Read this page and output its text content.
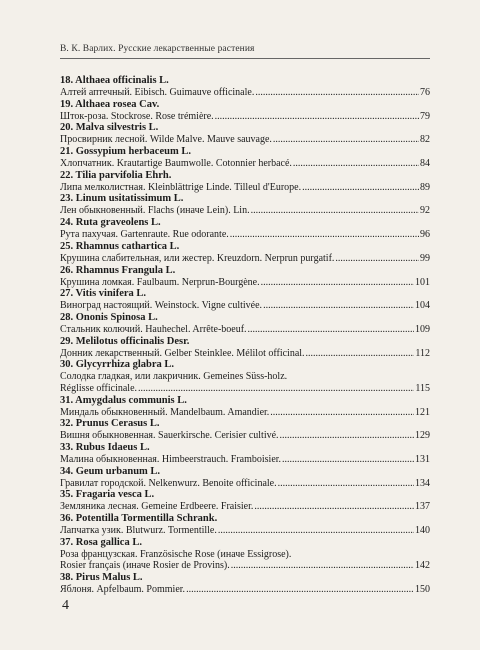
В. К. Варлих. Русские лекарственные растения
18. Althaea officinalis L.
Алтей аптечный. Eibisch. Guimauve officinale. .....	76
19. Althaea rosea Cav.
Шток-роза. Stockrose. Rose trémière. .....	79
20. Malva silvestris L.
Просвирник лесной. Wilde Malve. Mauve sauvage. .....	82
21. Gossypium herbaceum L.
Хлопчатник. Krautartige Baumwolle. Cotonnier herbacé. .....	84
22. Tilia parvifolia Ehrh.
Липа мелколистная. Kleinblättrige Linde. Tilleul d'Europe. .....	89
23. Linum usitatissimum L.
Лен обыкновенный. Flachs (иначе Lein). Lin. .....	92
24. Ruta graveolens L.
Рута пахучая. Gartenraute. Rue odorante. .....	96
25. Rhamnus cathartica L.
Крушина слабительная, или жестер. Kreuzdorn. Nerprun purgatif. .....	99
26. Rhamnus Frangula L.
Крушина ломкая. Faulbaum. Nerprun-Bourgène. .....	101
27. Vitis vinifera L.
Виноград настоящий. Weinstock. Vigne cultivée. .....	104
28. Ononis Spinosa L.
Стальник колючий. Hauhechel. Arrête-boeuf. .....	109
29. Melilotus officinalis Desr.
Донник лекарственный. Gelber Steinklee. Mélilot officinal. .....	112
30. Glycyrrhiza glabra L.
Солодка гладкая, или лакричник. Gemeines Süss-holz.
Réglisse officinale. .....	115
31. Amygdalus communis L.
Миндаль обыкновенный. Mandelbaum. Amandier. .....	121
32. Prunus Cerasus L.
Вишня обыкновенная. Sauerkirsche. Cerisier cultivé. .....	129
33. Rubus Idaeus L.
Малина обыкновенная. Himbeerstrauch. Framboisier. .....	131
34. Geum urbanum L.
Гравилат городской. Nelkenwurz. Benoite officinale. .....	134
35. Fragaria vesca L.
Земляника лесная. Gemeine Erdbeere. Fraisier. .....	137
36. Potentilla Tormentilla Schrank.
Лапчатка узик. Blutwurz. Tormentille. .....	140
37. Rosa gallica L.
Роза французская. Französische Rose (иначе Essigrose).
Rosier français (иначе Rosier de Provins). .....	142
38. Pirus Malus L.
Яблоня. Apfelbaum. Pommier. .....	150
4
